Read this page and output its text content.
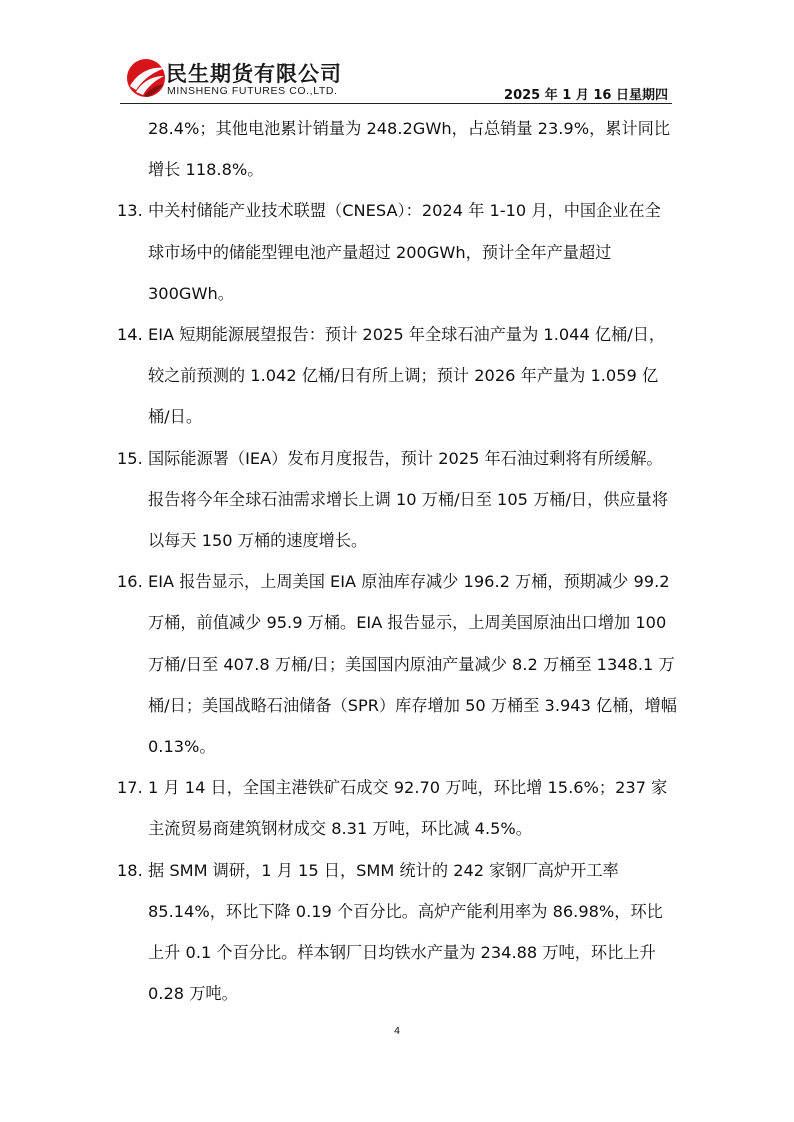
民生期货有限公司
MINSHENG FUTURES CO.,LTD.	2025 年 1 月 16 日星期四
28.4%；其他电池累计销量为 248.2GWh，占总销量 23.9%，累计同比增长 118.8%。
13. 中关村储能产业技术联盟（CNESA）：2024 年 1-10 月，中国企业在全球市场中的储能型锂电池产量超过 200GWh，预计全年产量超过 300GWh。
14. EIA 短期能源展望报告：预计 2025 年全球石油产量为 1.044 亿桶/日，较之前预测的 1.042 亿桶/日有所上调；预计 2026 年产量为 1.059 亿桶/日。
15. 国际能源署（IEA）发布月度报告，预计 2025 年石油过剩将有所缓解。报告将今年全球石油需求增长上调 10 万桶/日至 105 万桶/日，供应量将以每天 150 万桶的速度增长。
16. EIA 报告显示，上周美国 EIA 原油库存减少 196.2 万桶，预期减少 99.2 万桶，前值减少 95.9 万桶。EIA 报告显示，上周美国原油出口增加 100 万桶/日至 407.8 万桶/日；美国国内原油产量减少 8.2 万桶至 1348.1 万桶/日；美国战略石油储备（SPR）库存增加 50 万桶至 3.943 亿桶，增幅 0.13%。
17. 1 月 14 日，全国主港铁矿石成交 92.70 万吨，环比增 15.6%；237 家主流贸易商建筑钢材成交 8.31 万吨，环比减 4.5%。
18. 据 SMM 调研，1 月 15 日，SMM 统计的 242 家钢厂高炉开工率 85.14%，环比下降 0.19 个百分比。高炉产能利用率为 86.98%，环比上升 0.1 个百分比。样本钢厂日均铁水产量为 234.88 万吨，环比上升 0.28 万吨。
4
